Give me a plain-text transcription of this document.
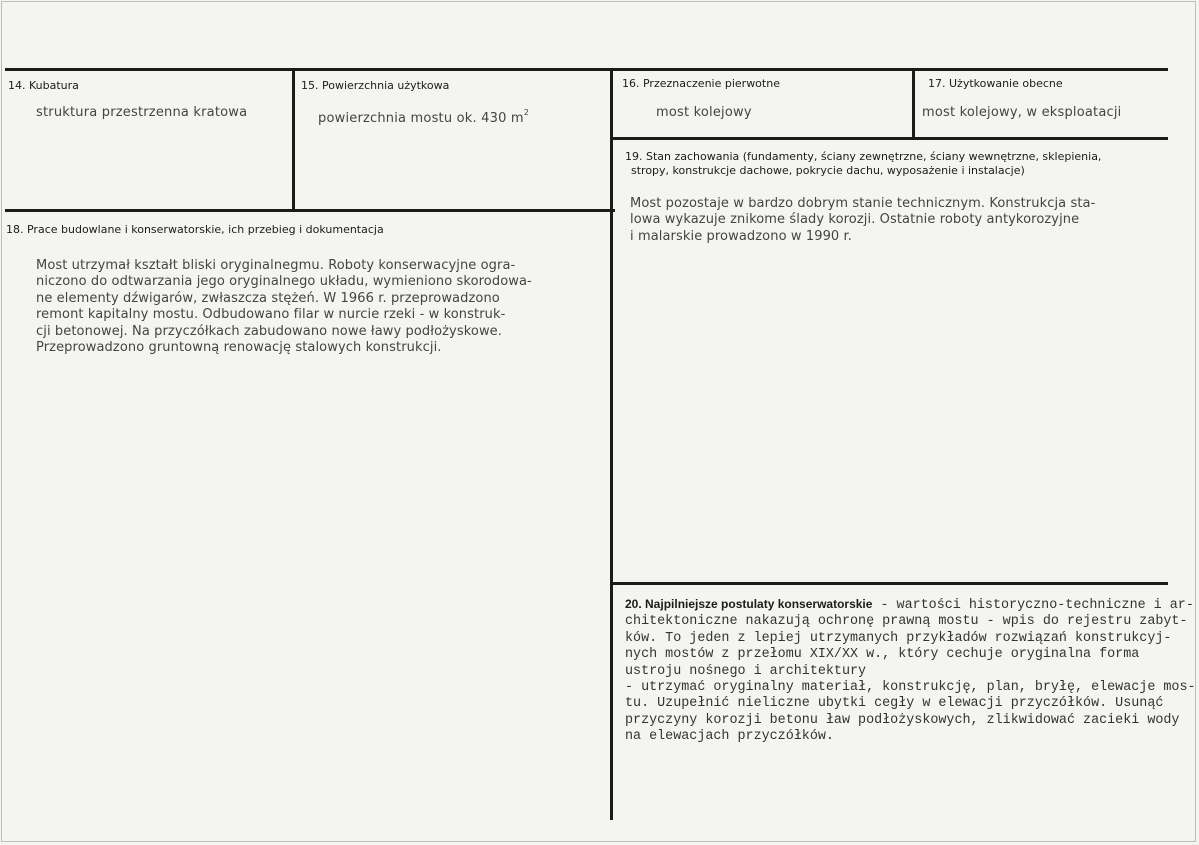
14. Kubatura
struktura przestrzenna kratowa
15. Powierzchnia użytkowa
powierzchnia mostu ok. 430 $m^2$
16. Przeznaczenie pierwotne
most kolejowy
17. Użytkowanie obecne
most kolejowy, w eksploatacji
18. Prace budowlane i konserwatorskie, ich przebieg i dokumentacja
Most utrzymał kształt bliski oryginalnegmu. Roboty konserwacyjne ogra-
niczono do odtwarzania jego oryginalnego układu, wymieniono skorodowa-
ne elementy dźwigarów, zwłaszcza stężeń. W 1966 r. przeprowadzono
remont kapitalny mostu. Odbudowano filar w nurcie rzeki - w konstruk-
cji betonowej. Na przyczółkach zabudowano nowe ławy podłożyskowe.
Przeprowadzono gruntowną renowację stalowych konstrukcji.
19. Stan zachowania (fundamenty, ściany zewnętrzne, ściany wewnętrzne, sklepienia,
stropy, konstrukcje dachowe, pokrycie dachu, wyposażenie i instalacje)
Most pozostaje w bardzo dobrym stanie technicznym. Konstrukcja sta-
lowa wykazuje znikome ślady korozji. Ostatnie roboty antykorozyjne
i malarskie prowadzono w 1990 r.
20. Najpilniejsze postulaty konserwatorskie - wartości historyczno-techniczne i ar-
chitektoniczne nakazują ochronę prawną mostu - wpis do rejestru zabyt-
ków. To jeden z lepiej utrzymanych przykładów rozwiązań konstrukcyj-
nych mostów z przełomu XIX/XX w., który cechuje oryginalna forma
ustroju nośnego i architektury
- utrzymać oryginalny materiał, konstrukcję, plan, bryłę, elewacje mos-
tu. Uzupełnić nieliczne ubytki cegły w elewacji przyczółków. Usunąć
przyczyny korozji betonu ław podłożyskowych, zlikwidować zacieki wody
na elewacjach przyczółków.
